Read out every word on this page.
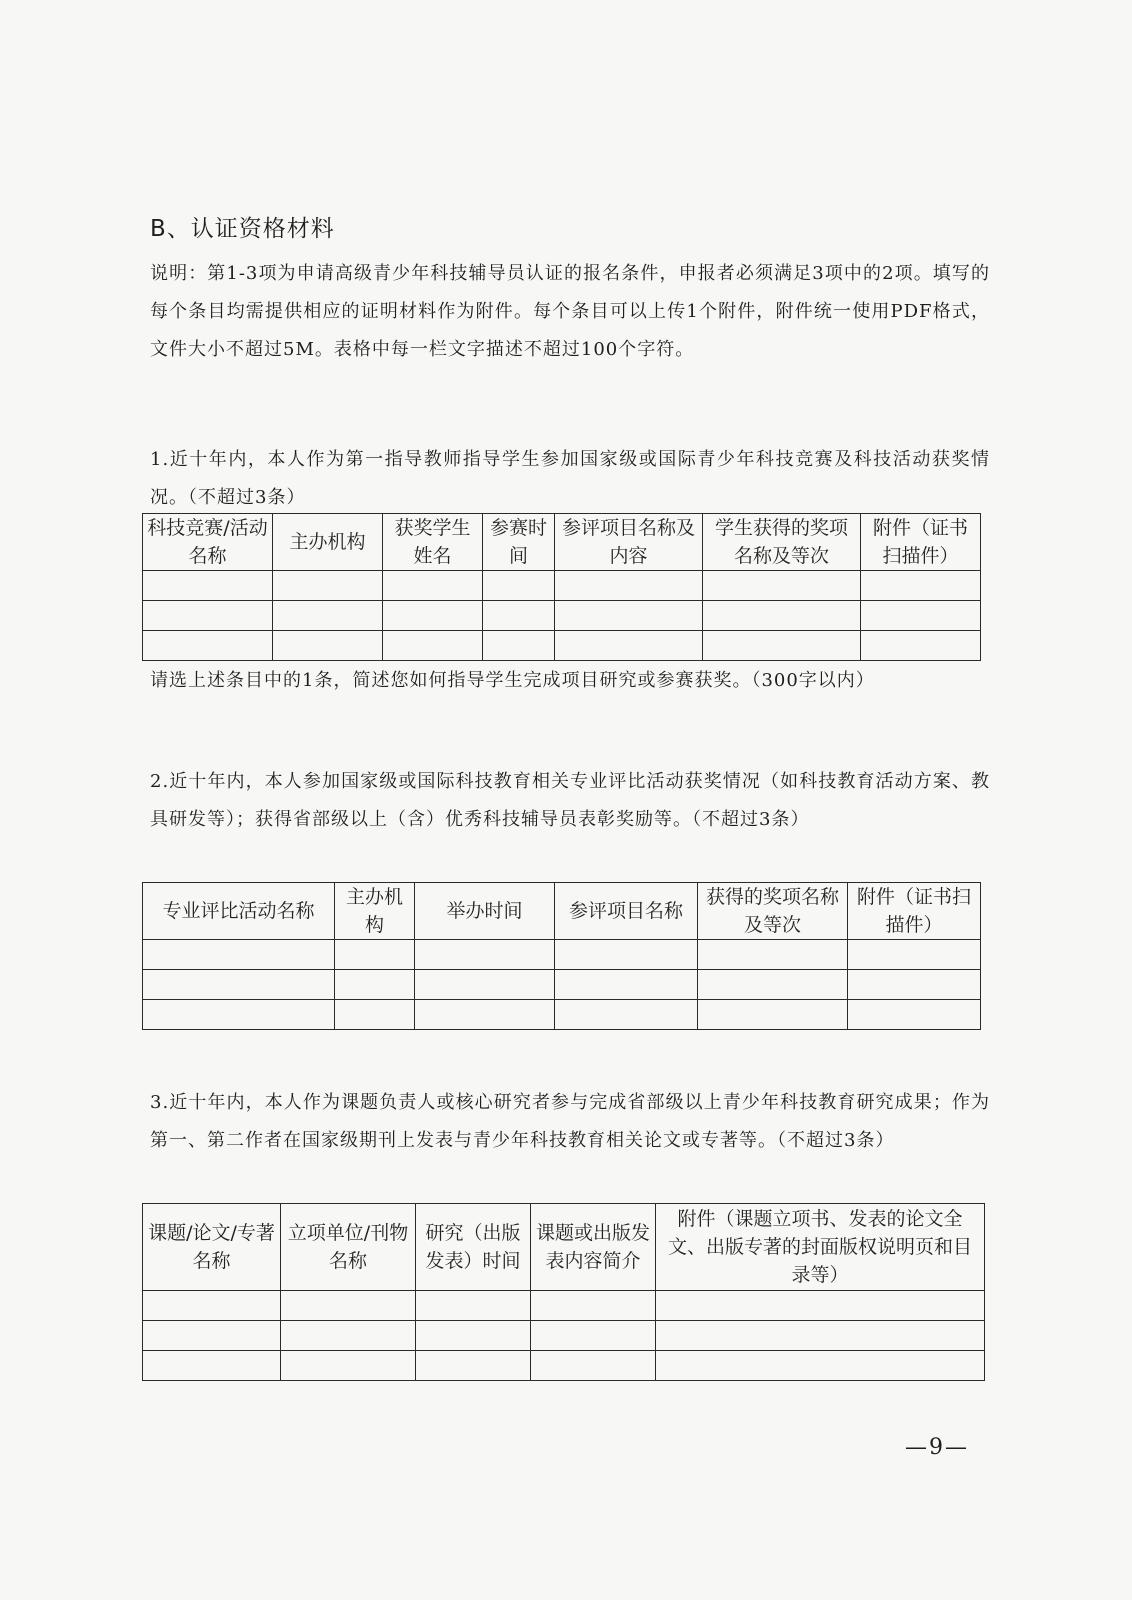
B、认证资格材料

说明：第1-3项为申请高级青少年科技辅导员认证的报名条件，申报者必须满足3项中的2项。填写的每个条目均需提供相应的证明材料作为附件。每个条目可以上传1个附件，附件统一使用PDF格式，文件大小不超过5M。表格中每一栏文字描述不超过100个字符。

1.近十年内，本人作为第一指导教师指导学生参加国家级或国际青少年科技竞赛及科技活动获奖情况。（不超过3条）

科技竞赛/活动名称	主办机构	获奖学生姓名	参赛时间	参评项目名称及内容	学生获得的奖项名称及等次	附件（证书扫描件）

请选上述条目中的1条，简述您如何指导学生完成项目研究或参赛获奖。（300字以内）

2.近十年内，本人参加国家级或国际科技教育相关专业评比活动获奖情况（如科技教育活动方案、教具研发等）；获得省部级以上（含）优秀科技辅导员表彰奖励等。（不超过3条）

专业评比活动名称	主办机构	举办时间	参评项目名称	获得的奖项名称及等次	附件（证书扫描件）

3.近十年内，本人作为课题负责人或核心研究者参与完成省部级以上青少年科技教育研究成果；作为第一、第二作者在国家级期刊上发表与青少年科技教育相关论文或专著等。（不超过3条）

课题/论文/专著名称	立项单位/刊物名称	研究（出版发表）时间	课题或出版发表内容简介	附件（课题立项书、发表的论文全文、出版专著的封面版权说明页和目录等）

—9—
